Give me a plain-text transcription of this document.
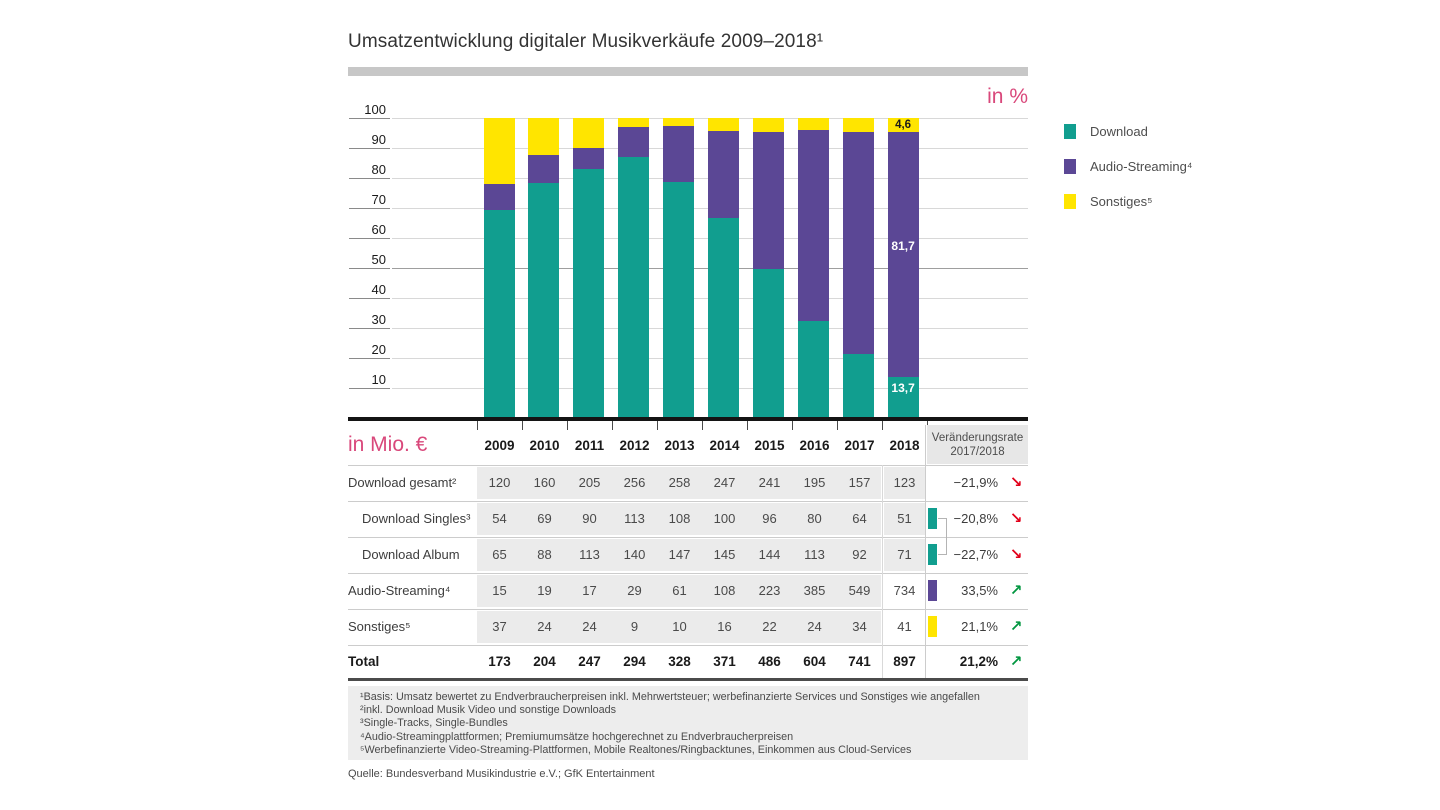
Umsatzentwicklung digitaler Musikverkäufe 2009–2018¹
in %
10
20
30
40
50
60
70
80
90
100
4,6
81,7
13,7
Download
Audio-Streaming⁴
Sonstiges⁵
in Mio. €	Veränderungsrate
2017/2018
2009	2010	2011	2012	2013	2014	2015	2016	2017	2018
Download gesamt²	120	160	205	256	258	247	241	195	157	123	−21,9% ↘
Download Singles³	54	69	90	113	108	100	96	80	64	51	−20,8% ↘
Download Album	65	88	113	140	147	145	144	113	92	71	−22,7% ↘
Audio-Streaming⁴	15	19	17	29	61	108	223	385	549	734	33,5% ↗
Sonstiges⁵	37	24	24	9	10	16	22	24	34	41	21,1% ↗
Total	173	204	247	294	328	371	486	604	741	897	21,2% ↗
¹Basis: Umsatz bewertet zu Endverbraucherpreisen inkl. Mehrwertsteuer; werbefinanzierte Services und Sonstiges wie angefallen
²inkl. Download Musik Video und sonstige Downloads
³Single-Tracks, Single-Bundles
⁴Audio-Streamingplattformen; Premiumumsätze hochgerechnet zu Endverbraucherpreisen
⁵Werbefinanzierte Video-Streaming-Plattformen, Mobile Realtones/Ringbacktunes, Einkommen aus Cloud-Services
Quelle: Bundesverband Musikindustrie e.V.; GfK Entertainment
